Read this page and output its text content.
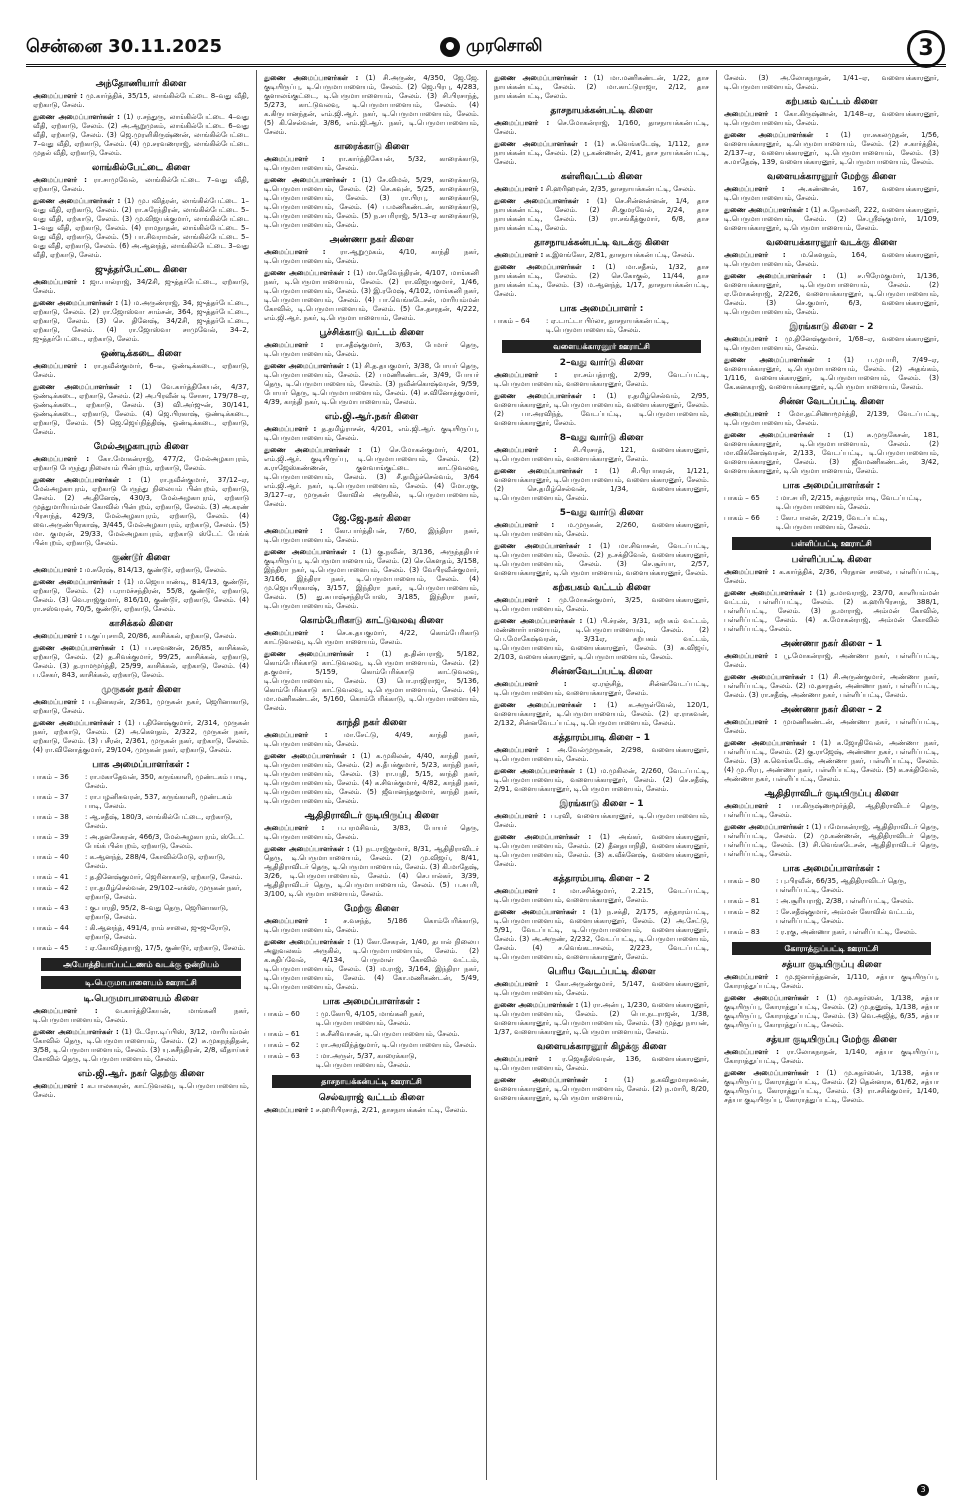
சென்னை 30.11.2025	முரசொலி	3
அந்தோணியார் கிளை

அமைப்பாளர் : மு.கார்த்திக், 35/15, லாங்கில்பேட்டை 8–வது வீதி, ஏற்காடு, சேலம்.

துணை அமைப்பாளர்கள் : (1) ர.சந்துரு, லாங்கில்பேட்டை 4–வது வீதி, ஏற்காடு, சேலம். (2) அ.ஆறுமுகம், லாங்கில்பேட்டை 6–வது வீதி, ஏற்காடு, சேலம். (3) ஜெ.முரளிகிருஷ்ணன், லாங்கில்பேட்டை 7–வது வீதி, ஏற்காடு, சேலம். (4) மு.சரவணராஜ், லாங்கில்பேட்டை முதல் வீதி, ஏற்காடு, சேலம்.

லாங்கில்பேட்டை கிளை

அமைப்பாளர் : ரா.சாமுவேல், லாங்கில்பேட்டை 7–வது வீதி, ஏற்காடு, சேலம்.

துணை அமைப்பாளர்கள் : (1) மு.பவித்ரன், லாங்கில்பேட்டை 1–வது வீதி, ஏற்காடு, சேலம். (2) ரா.சுரேந்திரன், லாங்கில்பேட்டை 5–வது வீதி, ஏற்காடு, சேலம். (3) மு.விஜயக்குமார், லாங்கில்பேட்டை 1–வது வீதி, ஏற்காடு, சேலம். (4) ராமநாதன், லாங்கில்பேட்டை 5–வது வீதி, ஏற்காடு, சேலம். (5) பா.சிவராமன், லாங்கில்பேட்டை 5–வது வீதி, ஏற்காடு, சேலம். (6) அ.ஆனந்த், லாங்கில்பேட்டை 3–வது வீதி, ஏற்காடு, சேலம்.

ஜுத்தர்பேட்டை கிளை

அமைப்பாளர் : ஜா.பால்ராஜ், 34/2சி, ஜுத்தர்பேட்டை, ஏற்காடு, சேலம்.

துணை அமைப்பாளர்கள் : (1) ம.அருண்ராஜ், 34, ஜுத்தர்பேட்டை, ஏற்காடு, சேலம். (2) ரா.ஜோஸ்வா சாம்சன், 364, ஜுத்தர்பேட்டை, ஏற்காடு, சேலம். (3) செ. தினேஷ், 34/2சி, ஜுத்தர்பேட்டை, ஏற்காடு, சேலம். (4) ரா.ஜோஸ்வா சாமுவேல், 34–2, ஜுத்தர்பேட்டை, ஏற்காடு, சேலம்.

ஒண்டிக்கடை கிளை

அமைப்பாளர் : ரா.நவீன்குமார், 6–டீ, ஒண்டிக்கடை, ஏற்காடு, சேலம்.

துணை அமைப்பாளர்கள் : (1) வே.கார்த்திகேயன், 4/37, ஒண்டிக்கடை, ஏற்காடு, சேலம். (2) அ.பிரவீன் டி சோசா, 179/78–ஏ, ஒண்டிக்கடை, ஏற்காடு, சேலம். (3) வி.அர்ஜுன், 30/141, ஒண்டிக்கடை, ஏற்காடு, சேலம். (4) ஜெ.பிரகாஷ், ஒண்டிக்கடை, ஏற்காடு, சேலம். (5) ஜெ.ஜெய்நித்திஷ், ஒண்டிக்கடை, ஏற்காடு, சேலம்.

மேல்அழகாபுரம் கிளை

அமைப்பாளர் : கோ.மோகன்ராஜ், 477/2, மேல்அழகாபுரம், ஏற்காடு பேருந்து நிலையம் பின்புறம், ஏற்காடு, சேலம்.

துணை அமைப்பாளர்கள் : (1) ரா.நவீன்குமார், 37/12–ஏ, மேல்அழகாபுரம், ஏற்காடு பேருந்து நிலையம் பின்புறம், ஏற்காடு, சேலம். (2) அ.தினேஷ், 430/3, மேல்அழகாபுரம், ஏற்காடு முத்துமாரியம்மன் கோவில் பின்புறம், ஏற்காடு, சேலம். (3) அ.கரண் பிரசாந்த், 429/3, மேல்அழகாபுரம், ஏற்காடு, சேலம். (4) வை.அருண்பிரகாஷ், 3/445, மேல்அழகாபுரம், ஏற்காடு, சேலம். (5) மா. குமரன், 29/33, மேல்அழகாபுரம், ஏற்காடு ஸ்டேட் பேங்க் பின்புறம், ஏற்காடு, சேலம்.

குண்டூர் கிளை

அமைப்பாளர் : ம.சுரேஷ், 814/13, குண்டூர், ஏற்காடு, சேலம்.

துணை அமைப்பாளர்கள் : (1) ம.ஜெயபாண்டி, 814/13, குண்டூர், ஏற்காடு, சேலம். (2) ப.ராமச்சந்திரன், 55/8, குண்டூர், ஏற்காடு, சேலம். (3) வெ.ராஜ்குமார், 816/10, குண்டூர், ஏற்காடு, சேலம். (4) ரா.சஸ்வரன், 70/5, குண்டூர், ஏற்காடு, சேலம்.

காசிக்கல் கிளை

அமைப்பாளர் : ப.குப்புசாமி, 20/86, காசிக்கல், ஏற்காடு, சேலம்.

துணை அமைப்பாளர்கள் : (1) ப.சரவணன், 26/85, காசிக்கல், ஏற்காடு, சேலம். (2) த.சிவக்குமார், 99/25, காசிக்கல், ஏற்காடு, சேலம். (3) த.ராமமூர்த்தி, 25/99, காசிக்கல், ஏற்காடு, சேலம். (4) ப.சேகர், 843, காசிக்கல், ஏற்காடு, சேலம்.

முருகன் நகர் கிளை

அமைப்பாளர் : ப.தினகரன், 2/361, முருகன் நகர், ஜெரினாகாடு, ஏற்காடு, சேலம்.

துணை அமைப்பாளர்கள் : (1) ப.தினேஷ்குமார், 2/314, முருகன் நகர், ஏற்காடு, சேலம். (2) அ.கௌதம், 2/322, முருகன் நகர், ஏற்காடு, சேலம். (3) பசீரன், 2/361, முருகன் நகர், ஏற்காடு, சேலம். (4) ரா.வினோத்குமார், 29/104, முருகன் நகர், ஏற்காடு, சேலம்.

பாக அமைப்பாளர்கள் :
பாகம் – 36	: ரா.மகாதேவன், 350, கருங்காளி, முண்டகம் பாடி, சேலம்.
பாகம் – 37	: ரா.பழனிசுவரன், 537, கருங்காளி, முண்டகம் பாடி, சேலம்.
பாகம் – 38	: ஆ.சதீஷ், 180/3, லாங்கில்பேட்டை, ஏற்காடு, சேலம்.
பாகம் – 39	: அ.தனசேகரன், 466/3, மேல்அழகாபுரம், ஸ்டேட் பேங்க் பின்புறம், ஏற்காடு, சேலம்.
பாகம் – 40	: க.ஆனந்த், 288/4, கோவில்மேடு, ஏற்காடு, சேலம்.
பாகம் – 41	: த.தினேஷ்குமார், ஜெரினாகாடு, ஏற்காடு, சேலம்.
பாகம் – 42	: ரா.தமிழ்செல்வன், 29/102–எக்ஸ், முருகன் நகர், ஏற்காடு, சேலம்.
பாகம் – 43	: கு.பாரதி, 95/2, 8–வது தெரு, ஜெரினாகாடு, ஏற்காடு, சேலம்.
பாகம் – 44	: கி.ஆனந்த், 491/4, ராம் சாலை, ஜுஜுரோடு, ஏற்காடு, சேலம்.
பாகம் – 45	: ஏ.கோவிந்தராஜ், 17/5, குண்டூர், ஏற்காடு, சேலம்.
அயோத்தியாப்பட்டணம் வடக்கு ஒன்றியம்
டி.பெருமாபாளையம் ஊராட்சி
டி.பெருமாபாளையம் கிளை

அமைப்பாளர் :	வ.கார்த்திகேயன், மாங்கனி நகர், டி.பெருமாபாளையம், சேலம்.

துணை அமைப்பாளர்கள் : (1) டேரோ.டிப்பிஸ், 3/12, மாரியம்மன் கோவில் தெரு, டி.பெருமாபாளையம், சேலம். (2) சு.முகநந்திதன், 3/58, டி.பெருமாபாளையம், சேலம். (3) யு.சுசீந்திரன், 2/8, வீதாய்கர் கோவில் தெரு, டி.பெருமாபாளையம், சேலம்.

எம்.ஜி.ஆர். நகர் தெற்கு கிளை

அமைப்பாளர் : க.பாலசுகரன், காட்டுவலவு, டி.பெருமாபாளையம், சேலம்.

துணை அமைப்பாளர்கள் : (1) சி.அருண், 4/350, ஜே.ஜே. குடியிருப்பு, டி.பெருமாபாளையம், சேலம். (2) ஜெ.பிரபு, 4/283, குளாலங்குட்டை, டி.பெருமாபாளையம், சேலம். (3) சி.பிரசாந்த், 5/273, காட்டுவலவு, டி.பெருமாபாளையம், சேலம். (4) க.கிருபானந்தன், எம்.ஜி.ஆர். நகர், டி.பெருமாபாளையம், சேலம். (5) கி.செல்வன், 3/86, எம்.ஜி.ஆர். நகர், டி.பெருமாபாளையம், சேலம்.

காரைக்காடு கிளை

அமைப்பாளர் : ரா.கார்த்திகேயன், 5/32, காரைக்காடு, டி.பெருமாபாளையம், சேலம்.

துணை அமைப்பாளர்கள் : (1) சே.விமல், 5/29, காரைக்காடு, டி.பெருமாபாளையம், சேலம். (2) செ.கவுன், 5/25, காரைக்காடு, டி.பெருமாபாளையம், சேலம். (3) ரா.பிரபு, காரைக்காடு, டி.பெருமாபாளையம், சேலம். (4) ப.மணிகண்டன், காரைக்காடு, டி.பெருமாபாளையம், சேலம். (5) ந.சபரிராஜ், 5/13–ஏ காரைக்காடு, டி.பெருமாபாளையம், சேலம்.

அண்ணா நகர் கிளை

அமைப்பாளர் : ரா.ஆறுமுகம், 4/10, காந்தி நகர், டி.பெருமாபாளையம், சேலம்.

துணை அமைப்பாளர்கள் : (1) மா.தேவேந்திரன், 4/107, மாங்கனி நகர், டி.பெருமாபாளையம், சேலம். (2) ரா.விஜயகுமார், 1/46, டி.பெருமாபாளையம், சேலம். (3) இ.ரமேஷ், 4/102, மாங்கனி நகர், டி.பெருமாபாளையம், சேலம். (4) பா.வெங்கடேசன், மாரியம்மன் கோவில், டி.பெருமாபாளையம், சேலம். (5) சே.தசரதன், 4/222, எம்.ஜி.ஆர். நகர், டி.பெருமாபாளையம், சேலம்.

பூச்சிக்காடு வட்டம் கிளை

அமைப்பாளர் : ரா.சதீஷ்குமார், 3/63, பேமார் தெரு, டி.பெருமாபாளையம், சேலம்.

துணை அமைப்பாளர்கள் : (1) சி.த.தயகுமார், 3/38, போயர் தெரு, டி.பெருமாபாளையம், சேலம். (2) பமணிகண்டன், 3/49, போயர் தெரு, டி.பெருமாபாளையம், சேலம். (3) நவீன்கொஷ்வரன், 9/59, போயர் தெரு, டி.பெருமாபாளையம், சேலம். (4) ச.வினோத்குமார், 4/39, காந்தி நகர், டி.பெருமாபாளையம், சேலம்.

எம்.ஜி.ஆர்.நகர் கிளை

அமைப்பாளர் : த.தமிழ்ராசன், 4/201, எம்.ஜி.ஆர். குடியிருப்பு, டி.பெருமாபாளையம், சேலம்.

துணை அமைப்பாளர்கள் : (1) செ.மோகன்குமார், 4/201, எம்.ஜி.ஆர். குடியிருப்பு, டி.பெருமாபாளையம், சேலம். (2) க.ராஜேஸ்கண்ணன், குளவாங்குட்டை காட்டுவலவு, டி.பெருமாபாளையம், சேலம். (3) சீ.தமிழ்ச்செல்வம், 3/64 எம்.ஜி.ஆர். நகர், டி.பெருமாபாளையம், சேலம். (4) மோ.ரகு, 3/127–ஏ, முருகன் கோவில் அருகில், டி.பெருமாபாளையம், சேலம்.

ஜே.ஜே.நகர் கிளை

அமைப்பாளர் : கோ.பார்த்திபன், 7/60, இந்திரா நகர், டி.பெருமாபாளையம், சேலம்.

துணை அமைப்பாளர்கள் : (1) கு.நவீன், 3/136, அருந்ததியர் குடியிருப்பு, டி.பெருமாபாளையம், சேலம். (2) செ.கௌதம், 3/158, இந்திரா நகர், டி.பெருமாபாளையம், சேலம். (3) வேபிரவீன்குமார், 3/166, இந்திரா நகர், டி.பெருமாபாளையம், சேலம். (4) மு.ஜெயபிரகாஷ், 3/157, இந்திரா நகர், டி.பெருமாபாளையம், சேலம். (5) து.சுபாஷ்சந்திரபோஸ், 3/185, இந்திரா நகர், டி.பெருமாபாளையம், சேலம்.

கொம்பேரிகாடு காட்டுவலவு கிளை

அமைப்பாளர் : செ.சு.தயகுமார், 4/22, கொம்பேரிகாடு காட்டுவலவு, டி.பெருமாபாளையம், சேலம்.

துணை அமைப்பாளர்கள் : (1) த.தின்பராஜ், 5/182, கொம்பேரிக்காடு காட்டுவலவு, டி.பெருமாபாளையம், சேலம். (2) த.குமார், 5/159, கொம்பேரிக்காடு காட்டுவலவு, டி.பெருமாபாளையம், சேலம். (3) பொ.ராஜிராஜா, 5/136, கொம்பேரிக்காடு காட்டுவலவு, டி.பெருமாபாளையம், சேலம். (4) மா.மணிகண்டன், 5/160, கொம்பேரிக்காடு, டி.பெருமாபாளையம், சேலம்.

காந்தி நகர் கிளை

அமைப்பாளர் : மா.சேட்டு, 4/49, காந்தி நகர், டி.பெருமாபாளையம், சேலம்.

துணை அமைப்பாளர்கள் : (1) க.முகிலன், 4/40, காந்தி நகர், டி.பெருமாபாளையம், சேலம். (2) சு.தீபக்குமார், 5/23, காந்தி நகர், டி.பெருமாபாளையம், சேலம். (3) ரா.யுதி, 5/15, காந்தி நகர், டி.பெருமாபாளையம், சேலம். (4) க.சிவக்குமார், 4/82, காந்தி நகர், டி.பெருமாபாளையம், சேலம். (5) ஜீவானந்தகுமார், காந்தி நகர், டி.பெருமாபாளையம், சேலம்.

ஆதிதிராவிடர் குடியிருப்பு கிளை

அமைப்பாளர் : ப.பரமசிவம், 3/83, போயர் தெரு, டி.பெருமாபாளையம், சேலம்.

துணை அமைப்பாளர்கள் : (1) நடராஜ்குமார், 8/31, ஆதிதிராவிடர் தெரு, டி.பெருமாபாளையம், சேலம். (2) மு.விஜய், 8/41, ஆதிதிராவிடர் தெரு, டி.பெருமாபாளையம், சேலம். (3) கி.மாதேஷ், 3/26, டி.பெருமாபாளையம், சேலம். (4) செ.பால்கர், 3/39, ஆதிதிராவிடர் தெரு, டி.பெருமாபாளையம், சேலம். (5) ப.சுபரி, 3/100, டி.பெருமாபாளையம், சேலம்.

மேற்கு கிளை

அமைப்பாளர் : ச.வசந்த், 5/186 கொம்பேரிக்காடு, டி.பெருமாபாளையம், சேலம்.

துணை அமைப்பாளர்கள் : (1) கோ.சேகரன், 1/40, தபால் நிலைய அலுவலகம் அருகில், டி.பெருமாபாளையம், சேலம். (2) க.சுதிப்வேல், 4/134, பெருமாள் கோவில் வட்டம், டி.பெருமாபாளையம், சேலம். (3) ம.ராஜ், 3/164, இந்திரா நகர், டி.பெருமாபாளையம், சேலம். (4) கோ.மணிகண்டன், 5/49, டி.பெருமாபாளையம், சேலம்.

பாக அமைப்பாளர்கள் :
பாகம் – 60	: மு.கோபி, 4/105, மாங்கனி நகர், டி.பெருமாபாளையம், சேலம்.
பாகம் – 61	: சு.சீனிவாசன், டி.பெருமாபாளையம், சேலம்.
பாகம் – 62	: ரா.அரவிந்த்குமார், டி.பெருமாபாளையம், சேலம்.
பாகம் – 63	: மா.அருள், 5/37, காரைக்காடு, டி.பெருமாபாளையம், சேலம்.
தாசநாயக்கன்பட்டி ஊராட்சி
செல்வராஜ் வட்டம் கிளை

அமைப்பாளர் : ச.ஹரிபிரசாத், 2/21, தாசநாயக்கன்பட்டி, சேலம்.

துணை அமைப்பாளர்கள் : (1) மா.மணிகண்டன், 1/22, தாச நாயக்கன்பட்டி, சேலம். (2) மா.காட்டுராஜா, 2/12, தாச நாயக்கன்பட்டி, சேலம்.

தாசநாயக்கன்பட்டி கிளை

அமைப்பாளர் : செ.மோகன்ராஜ், 1/160, தாசநாயக்கன்பட்டி, சேலம்.

துணை அமைப்பாளர்கள் : (1) சு.வெங்கடேஷ், 1/112, தாச நாயக்கன்பட்டி, சேலம். (2) பூ.கண்ணன், 2/41, தாச நாயக்கன்பட்டி, சேலம்.

கள்ளிவட்டம் கிளை

அமைப்பாளர் : சி.ஹரிஹரன், 2/35, தாசநாயக்கன்பட்டி, சேலம்.

துணை அமைப்பாளர்கள் : (1) செ.சின்னன்னன், 1/4, தாச நாயக்கன்பட்டி, சேலம். (2) சி.குமரவேல், 2/24, தாச நாயக்கன்பட்டி, சேலம். (3) ரா.சங்கீத்குமார், 6/8, தாச நாயக்கன்பட்டி, சேலம்.

தாசநாயக்கன்பட்டி வடக்கு கிளை

அமைப்பாளர் : க.இளங்கோ, 2/81, தாசநாயக்கன்பட்டி, சேலம்.

துணை அமைப்பாளர்கள் : (1) மா.சதீசம், 1/32, தாச நாயக்கன்பட்டி, சேலம். (2) செ.கோகுல், 11/44, தாச நாயக்கன்பட்டி, சேலம். (3) ம.ஆனந்த், 1/17, தாசநாயக்கன்பட்டி, சேலம்.

பாக அமைப்பாளர் :
பாகம் – 64	: ஏ.டாட்டா பிர்லா, தாசநாயக்கன்பட்டி, டி.பெருமாபாளையம், சேலம்.
வளையக்காரனூர் ஊராட்சி
2–வது வார்டு கிளை

அமைப்பாளர் : ரா.சம்பத்ராஜ், 2/99, வேடப்பட்டி, டி.பெருமாபாளையம், வளையக்காரனூர், சேலம்.

துணை அமைப்பாளர்கள் : (1) ர.தமிழ்செல்வம், 2/95, வளையக்காரனூர், டி.பெருமாபாளையம், வளையக்காரனூர், சேலம். (2) பா.அரவிந்த், வேடப்பட்டி, டி.பெருமாபாளையம், வளையக்காரனூர், சேலம்.

8–வது வார்டு கிளை

அமைப்பாளர் : சி.பிரசாத், 121, வளையக்காரனூர், டி.பெருமாபாளையம், வளையக்காரனூர், சேலம்.

துணை அமைப்பாளர்கள் : (1) சி.பிரபாகரன், 1/121, வளையக்காரனூர், டி.பெருமாபாளையம், வளையக்காரனூர், சேலம். (2) செ.தமிழ்செல்வன், 1/34, வளையக்காரனூர், டி.பெருமாபாளையம், சேலம்.

5–வது வார்டு கிளை

அமைப்பாளர் : ம.முருகன், 2/260, வளையக்காரனூர், டி.பெருமாபாளையம், சேலம்.

துணை அமைப்பாளர்கள் : (1) மா.சிவாசன், வேடப்பட்டி, டி.பெருமாபாளையம், சேலம். (2) ந.சக்திவேல், வளையக்காரனூர், டி.பெருமாபாளையம், சேலம். (3) செ.சூர்யா, 2/57, வளையக்காரனூர், டி.பெருமாபாளையம், வளையக்காரனூர், சேலம்.

கற்கபகம் வட்டம் கிளை

அமைப்பாளர் : மு.மோகன்குமார், 3/25, வளையக்காரனூர், டி.பெருமாபாளையம், சேலம்.

துணை அமைப்பாளர்கள் : (1) பி.ச்ரண், 3/31, கற்பகம் வட்டம், மண்ணார்பாளையம், டி.பெருமாபாளையம், சேலம். (2) பெ.மோகேஷ்வரன், 3/31ஏ, கற்பகம் வட்டம், டி.பெருமாபாளையம், வளையக்காரனூர், சேலம். (3) சு.விஜய், 2/103, வளையக்காரனூர், டி.பெருமாபாளையம், சேலம்.

சின்னவேடப்பட்டி கிளை

அமைப்பாளர் :	ஏ.ரஞ்சித், சின்னவேடப்பட்டி, டி.பெருமாபாளையம், வளையக்காரனூர், சேலம்.

துணை அமைப்பாளர்கள் : (1) க.அருள்வேல், 120/1, வளையக்காரனூர், டி.பெருமாபாளையம், சேலம். (2) ஏ.ராகவன், 2/132, சின்னவேடப்பட்டி, டி.பெருமாபாளையம், சேலம்.

கத்தாரம்பாடி கிளை – 1

அமைப்பாளர் : அ.வேல்முருகன், 2/298, வளையக்காரனூர், டி.பெருமாபாளையம், சேலம்.

துணை அமைப்பாளர்கள் : (1) ம.முகிலன், 2/260, வேடப்பட்டி, டி.பெருமாபாளையம், வளையக்காரனூர், சேலம். (2) செ.சதீஷ், 2/91, வளையக்காரனூர், டி.பெருமாபாளையம், சேலம்.

இரங்காடு கிளை – 1

அமைப்பாளர் : ப.ரவி, வளையக்காரனூர், டி.பெருமாபாளையம், சேலம்.

துணை அமைப்பாளர்கள் : (1) அங்கர், வளையக்காரனூர், டி.பெருமாபாளையம், சேலம். (2) தீனதயாநிதி, வளையக்காரனூர், டி.பெருமாபாளையம், சேலம். (3) க.வீக்னேஷ், வளையக்காரனூர், சேலம்.

கத்தாரம்பாடி கிளை – 2

அமைப்பாளர் : மா.சசிக்குமார், 2.215, வேடப்பட்டி, டி.பெருமாபாளையம், வளையக்காரனூர், சேலம்.

துணை அமைப்பாளர்கள் : (1) ந.சக்தி, 2/175, சுந்தாரம்பட்டி, டி.பெருமாபாளையம், வளையக்காரனூர், சேலம். (2) அ.சேட்டு, 5/91, வேடப்பட்டி, டி.பெருமாபாளையம், வளையக்காரனூர், சேலம். (3) அ.அருண், 2/232, வேடப்பட்டி, டி.பெருமாபாளையம், சேலம். (4) ச.வெங்கடாசலம், 2/223, வேடப்பட்டி, டி.பெருமாபாளையம், வளையக்காரனூர், சேலம்.

பெரிய வேடப்பட்டி கிளை

அமைப்பாளர் : கோ.அருண்குமார், 5/147, வளையக்காரனூர், டி.பெருமாபாளையம், சேலம்.

துணை அமைப்பாளர்கள் : (1) ரா.அன்பு, 1/230, வளையக்காரனூர், டி.பெருமாபாளையம், சேலம். (2) பொ.நடராஜன், 1/38, வளையக்காரனூர், டி.பெருமாபாளையம், சேலம். (3) முத்து நாயன், 1/37, வளையக்காரனூர், டி.பெருமாபாளையம், சேலம்.

வளையக்காரனூர் கிழக்கு கிளை

அமைப்பாளர் : ர.ஜெகதீஸ்வரன், 136, வளையக்காரனூர், டி.பெருமாபாளையம், சேலம்.

துணை அமைப்பாளர்கள் : (1) த.கவிதுமாரசுவன், வளையக்காரனூர், டி.பெருமாபாளையம், சேலம். (2) ந.மாரி, 8/20, வளையக்காரனூர், டி.பெருமாபாளையம்,

சேலம். (3) அ.லோகநாதன், 1/41–ஏ, வளையக்காரனூர், டி.பெருமாபாளையம், சேலம்.

கற்பகம் வட்டம் கிளை

அமைப்பாளர் : கோ.கிருஷ்ணன், 1/148–ஏ, வளையக்காரனூர், டி.பெருமாபாளையம், சேலம்.

துணை அமைப்பாளர்கள் : (1) ரா.சுகலமுதன், 1/56, வளையக்காரனூர், டி.பெருமாபாளையம், சேலம். (2) ச.கார்த்திக், 2/137–ஏ, வளையக்காரனூர், டி.பெருமாபாளையம், சேலம். (3) சு.மாதேஷ், 139, வளையக்காரனூர், டி.பெருமாபாளையம், சேலம்.

வளையக்காரனூர் மேற்கு கிளை

அமைப்பாளர் : அ.கண்ணன், 167, வளையக்காரனூர், டி.பெருமாபாளையம், சேலம்.

துணை அமைப்பாளர்கள் : (1) சு.நேசமணி, 222, வளையக்காரனூர், டி.பெருமாபாளையம், சேலம். (2) செ.ஸ்ரீஷ்குமார், 1/109, வளையக்காரனூர், டி.பெருமாபாளையம், சேலம்.

வளையக்காரனூர் வடக்கு கிளை

அமைப்பாளர் : ம.கௌதம், 164, வளையக்காரனூர், டி.பெருமாபாளையம், சேலம்.

துணை அமைப்பாளர்கள் : (1) ச.பிரேமகுமார், 1/136, வளையக்காரனூர், டி.பெருமாபாளையம், சேலம். (2) ஏ.மோகன்ராஜ், 2/226, வளையக்காரனூர், டி.பெருமாபாளையம், சேலம். (3) செ.குமார், 6/3, வளையக்காரனூர், டி.பெருமாபாளையம், சேலம்.

இரங்காடு கிளை – 2

அமைப்பாளர் : மு.தினேஷ்குமார், 1/68–ஏ, வளையக்காரனூர், டி.பெருமாபாளையம், சேலம்.

துணை அமைப்பாளர்கள் : (1) ப.முபாரி, 7/49–ஏ, வளையக்காரனூர், டி.பெருமாபாளையம், சேலம். (2) அதங்கம், 1/116, வளையக்காரனூர், டி.பெருமாபாளையம், சேலம். (3) கே.கனகராஜ், வளையக்காரனூர், டி.பெருமாபாளையம், சேலம்.

சின்ன வேடப்பட்டி கிளை

அமைப்பாளர் : மோ.தட்சிணாமூர்த்தி, 2/139, வேடப்பட்டி, டி.பெருமாபாளையம், சேலம்.

துணை அமைப்பாளர்கள் : (1) சு.முருகேசன், 181, வளையக்காரனூர், டி.பெருமாபாளையம், சேலம். (2) மா.விக்னேஷ்வரன், 2/133, வேடப்பட்டி, டி.பெருமாபாளையம், வளையக்காரனூர், சேலம். (3) ஜீவமணிகண்டன், 3/42, வளையக்காரனூர், டி.பெருமாபாளையம், சேலம்.

பாக அமைப்பாளர்கள் :
பாகம் – 65	: மா.சபரி, 2/215, சுத்தாரம்பாடி, வேடப்பட்டி, டி.பெருமாபாளையம், சேலம்.
பாகம் – 66	: கோ.பாலன், 2/219, வேடப்பட்டி, டி.பெருமாபாளையம், சேலம்.
பள்ளிப்பட்டி ஊராட்சி
பள்ளிப்பட்டி கிளை

அமைப்பாளர் : க.கார்த்திக், 2/36, பிரதான சாலை, பள்ளிப்பட்டி, சேலம்.

துணை அமைப்பாளர்கள் : (1) த.மாவராஜ், 23/70, காளியம்மன் வட்டம், பள்ளிப்பட்டி, சேலம். (2) க.ஹரிபிரசாத், 388/1, பள்ளிப்பட்டி, சேலம். (3) த.மாராஜ், அம்மன் கோவில், பள்ளிப்பட்டி, சேலம். (4) க.மோகன்ராஜ், அம்மன் கோவில் பள்ளிப்பட்டி, சேலம்.

அண்ணா நகர் கிளை – 1

அமைப்பாளர் : பூ.மோகன்ராஜ், அண்ணா நகர், பள்ளிப்பட்டி, சேலம்.

துணை அமைப்பாளர்கள் : (1) சி.அருண்குமார், அண்ணா நகர், பள்ளிப்பட்டி, சேலம். (2) ம.தசரதன், அண்ணா நகர், பள்ளிப்பட்டி, சேலம். (3) ரா.சதீஷ், அண்ணா நகர், பள்ளிப்பட்டி, சேலம்.

அண்ணா நகர் கிளை – 2

அமைப்பாளர் : முமணிகண்டன், அண்ணா நகர், பள்ளிப்பட்டி, சேலம்.

துணை அமைப்பாளர்கள் : (1) க.ஜோதிவேல், அண்ணா நகர், பள்ளிப்பட்டி, சேலம். (2) கு.ராஜேஷ், அண்ணா நகர், பள்ளிப்பட்டி, சேலம். (3) க.வெங்கடேஷ், அண்ணா நகர், பள்ளிப்பட்டி, சேலம். (4) மு.பிரபு, அண்ணா நகர், பள்ளிப்பட்டி, சேலம். (5) க.சக்திவேல், அண்ணா நகர், பள்ளிப்பட்டி, சேலம்.

ஆதிதிராவிடர் குடியிருப்பு கிளை

அமைப்பாளர் : பா.கிருஷ்ணமூர்த்தி, ஆதிதிராவிடர் தெரு, பள்ளிப்பட்டி, சேலம்.

துணை அமைப்பாளர்கள் : (1) பமோகன்ராஜ், ஆதிதிராவிடர் தெரு, பள்ளிப்பட்டி, சேலம். (2) மு.கண்ணன், ஆதிதிராவிடர் தெரு, பள்ளிப்பட்டி, சேலம். (3) சி.வெங்கடேசன், ஆதிதிராவிடர் தெரு, பள்ளிப்பட்டி, சேலம்.

பாக அமைப்பாளர்கள் :
பாகம் – 80	: பு.பிரவீன், 66/35, ஆதிதிராவிடர் தெரு, பள்ளிப்பட்டி, சேலம்.
பாகம் – 81	: அ.சூரியராஜ், 2/38, பள்ளிப்பட்டி, சேலம்.
பாகம் – 82	: சே.சதீஷ்குமார், அம்மன் கோவில் வட்டம், பள்ளிப்பட்டி, சேலம்.
பாகம் – 83	: ர.ரகு, அண்ணா நகர், பள்ளிப்பட்டி, சேலம்.
கோராத்துப்பட்டி ஊராட்சி
சத்யா குடியிருப்பு கிளை

அமைப்பாளர் : மு.ஜனார்த்தனன், 1/110, சத்யா குடியிருப்பு, கோராத்துப்பட்டி, சேலம்.

துணை அமைப்பாளர்கள் : (1) மு.சுதர்ஸன், 1/138, சத்யா குடியிருப்பு, கோராத்துப்பட்டி, சேலம். (2) மு.தனுஷ், 1/138, சத்யா குடியிருப்பு, கோராத்துப்பட்டி, சேலம். (3) வெ.அஜித், 6/35, சத்யா குடியிருப்பு, கோராத்துப்பட்டி, சேலம்.

சத்யா குடியிருப்பு மேற்கு கிளை

அமைப்பாளர் : ரா.லோகநாதன், 1/140, சத்யா குடியிருப்பு, கோராத்துப்பட்டி, சேலம்.

துணை அமைப்பாளர்கள் : (1) மு.சுதர்ஸன், 1/138, சத்யா குடியிருப்பு, கோராத்துப்பட்டி, சேலம். (2) தென்னரசு, 61/62, சத்யா குடியிருப்பு, கோராத்துப்பட்டி, சேலம். (3) ரா.சசிக்குமார், 1/140, சத்யா குடியிருப்பு, கோராத்துப்பட்டி, சேலம்.

3
